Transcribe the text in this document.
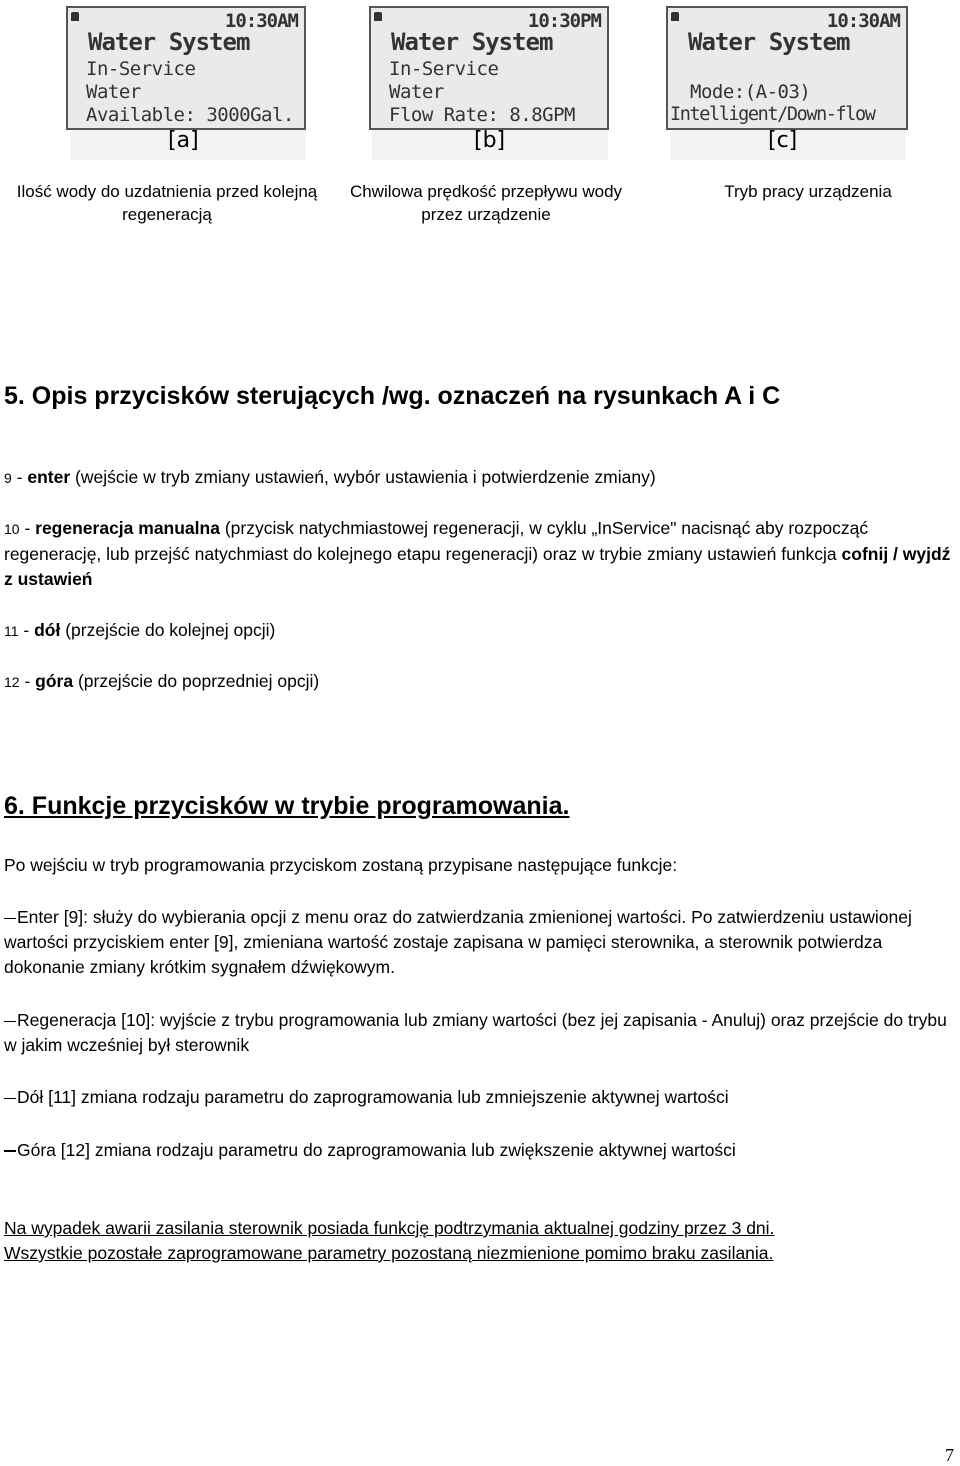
10:30AM
Water System
In-Service
Water
Available: 3000Gal.
[a]
Ilość wody do uzdatnienia przed kolejną regeneracją
10:30PM
Water System
In-Service
Water
Flow Rate: 8.8GPM
[b]
Chwilowa prędkość przepływu wody przez urządzenie
10:30AM
Water System
Mode:(A-03)
Intelligent/Down-flow
[c]
Tryb pracy urządzenia
5. Opis przycisków sterujących /wg. oznaczeń na rysunkach A i C
9 - enter (wejście w tryb zmiany ustawień, wybór ustawienia i potwierdzenie zmiany)
10 - regeneracja manualna (przycisk natychmiastowej regeneracji, w cyklu „InService" nacisnąć aby rozpocząć regenerację, lub przejść natychmiast do kolejnego etapu regeneracji) oraz w trybie zmiany ustawień funkcja cofnij / wyjdź z ustawień
11 - dół (przejście do kolejnej opcji)
12 - góra (przejście do poprzedniej opcji)
6. Funkcje przycisków w trybie programowania.
Po wejściu w tryb programowania przyciskom zostaną przypisane następujące funkcje:
Enter [9]: służy do wybierania opcji z menu oraz do zatwierdzania zmienionej wartości. Po zatwierdzeniu ustawionej wartości przyciskiem enter [9], zmieniana wartość zostaje zapisana w pamięci sterownika, a sterownik potwierdza dokonanie zmiany krótkim sygnałem dźwiękowym.
Regeneracja [10]: wyjście z trybu programowania lub zmiany wartości (bez jej zapisania - Anuluj) oraz przejście do trybu w jakim wcześniej był sterownik
Dół [11] zmiana rodzaju parametru do zaprogramowania lub zmniejszenie aktywnej wartości
Góra [12] zmiana rodzaju parametru do zaprogramowania lub zwiększenie aktywnej wartości
Na wypadek awarii zasilania sterownik posiada funkcję podtrzymania aktualnej godziny przez 3 dni.
Wszystkie pozostałe zaprogramowane parametry pozostaną niezmienione pomimo braku zasilania.
7
